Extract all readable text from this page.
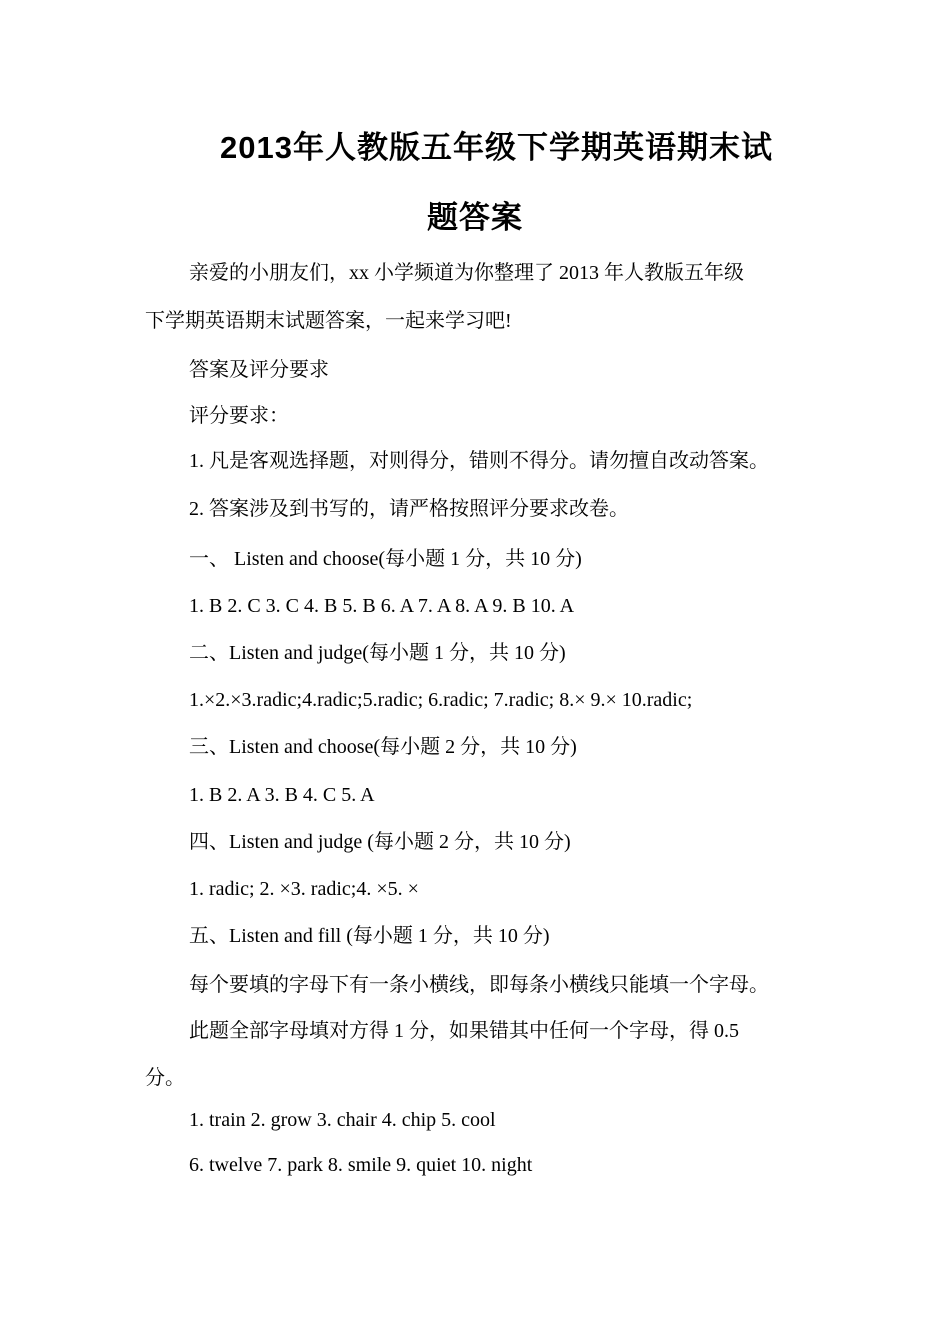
2013年人教版五年级下学期英语期末试
题答案
亲爱的小朋友们，xx 小学频道为你整理了 2013 年人教版五年级
下学期英语期末试题答案，一起来学习吧!
答案及评分要求
评分要求：
1. 凡是客观选择题，对则得分，错则不得分。请勿擅自改动答案。
2. 答案涉及到书写的，请严格按照评分要求改卷。
一、 Listen and choose(每小题 1 分，共 10 分)
1. B 2. C 3. C 4. B 5. B 6. A 7. A 8. A 9. B 10. A
二、Listen and judge(每小题 1 分，共 10 分)
1.×2.×3.radic;4.radic;5.radic; 6.radic; 7.radic; 8.× 9.× 10.radic;
三、Listen and choose(每小题 2 分，共 10 分)
1. B 2. A 3. B 4. C 5. A
四、Listen and judge (每小题 2 分，共 10 分)
1. radic; 2. ×3. radic;4. ×5. ×
五、Listen and fill (每小题 1 分，共 10 分)
每个要填的字母下有一条小横线，即每条小横线只能填一个字母。
此题全部字母填对方得 1 分，如果错其中任何一个字母，得 0.5
分。
1. train 2. grow 3. chair 4. chip 5. cool
6. twelve 7. park 8. smile 9. quiet 10. night
